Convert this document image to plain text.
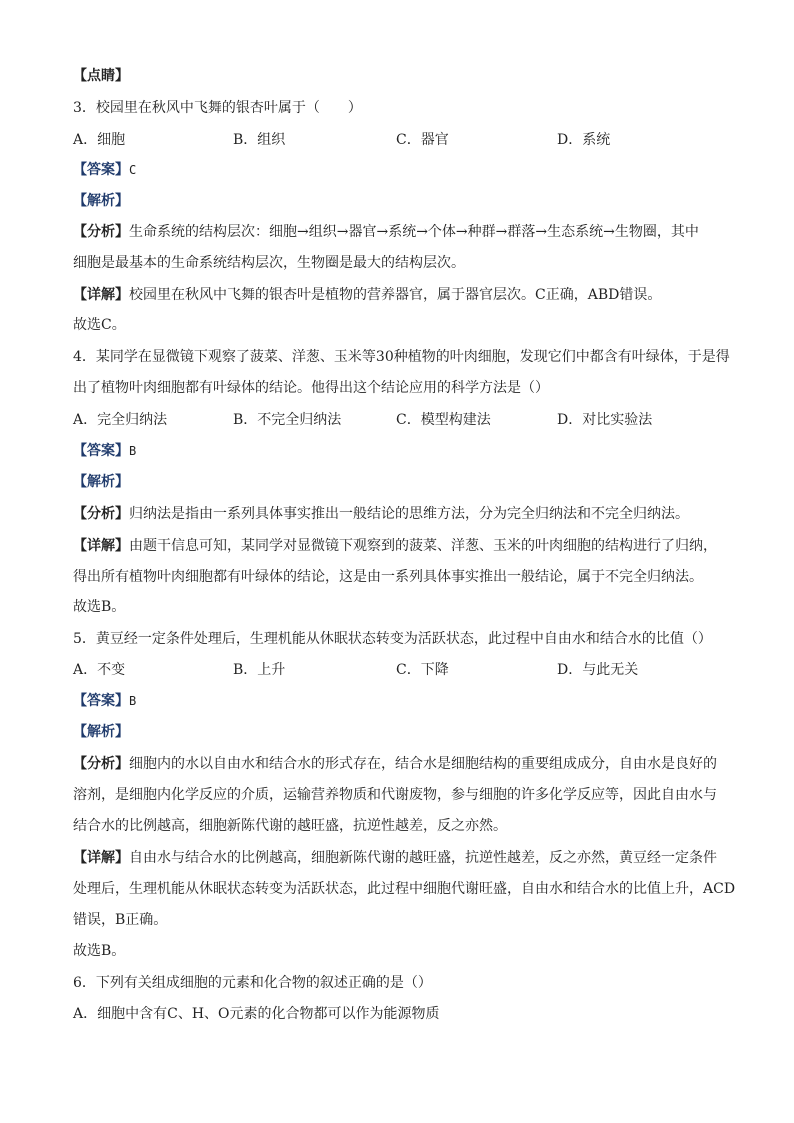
【点睛】
3．校园里在秋风中飞舞的银杏叶属于（　　）
A．细胞	B．组织	C．器官	D．系统
【答案】C
【解析】
【分析】生命系统的结构层次：细胞→组织→器官→系统→个体→种群→群落→生态系统→生物圈，其中
细胞是最基本的生命系统结构层次，生物圈是最大的结构层次。
【详解】校园里在秋风中飞舞的银杏叶是植物的营养器官，属于器官层次。C正确，ABD错误。
故选C。
4．某同学在显微镜下观察了菠菜、洋葱、玉米等30种植物的叶肉细胞，发现它们中都含有叶绿体，于是得
出了植物叶肉细胞都有叶绿体的结论。他得出这个结论应用的科学方法是（）
A．完全归纳法	B．不完全归纳法	C．模型构建法	D．对比实验法
【答案】B
【解析】
【分析】归纳法是指由一系列具体事实推出一般结论的思维方法，分为完全归纳法和不完全归纳法。
【详解】由题干信息可知，某同学对显微镜下观察到的菠菜、洋葱、玉米的叶肉细胞的结构进行了归纳，
得出所有植物叶肉细胞都有叶绿体的结论，这是由一系列具体事实推出一般结论，属于不完全归纳法。
故选B。
5．黄豆经一定条件处理后，生理机能从休眠状态转变为活跃状态，此过程中自由水和结合水的比值（）
A．不变	B．上升	C．下降	D．与此无关
【答案】B
【解析】
【分析】细胞内的水以自由水和结合水的形式存在，结合水是细胞结构的重要组成成分，自由水是良好的
溶剂，是细胞内化学反应的介质，运输营养物质和代谢废物，参与细胞的许多化学反应等，因此自由水与
结合水的比例越高，细胞新陈代谢的越旺盛，抗逆性越差，反之亦然。
【详解】自由水与结合水的比例越高，细胞新陈代谢的越旺盛，抗逆性越差，反之亦然，黄豆经一定条件
处理后，生理机能从休眠状态转变为活跃状态，此过程中细胞代谢旺盛，自由水和结合水的比值上升，ACD
错误，B正确。
故选B。
6．下列有关组成细胞的元素和化合物的叙述正确的是（）
A．细胞中含有C、H、O元素的化合物都可以作为能源物质
